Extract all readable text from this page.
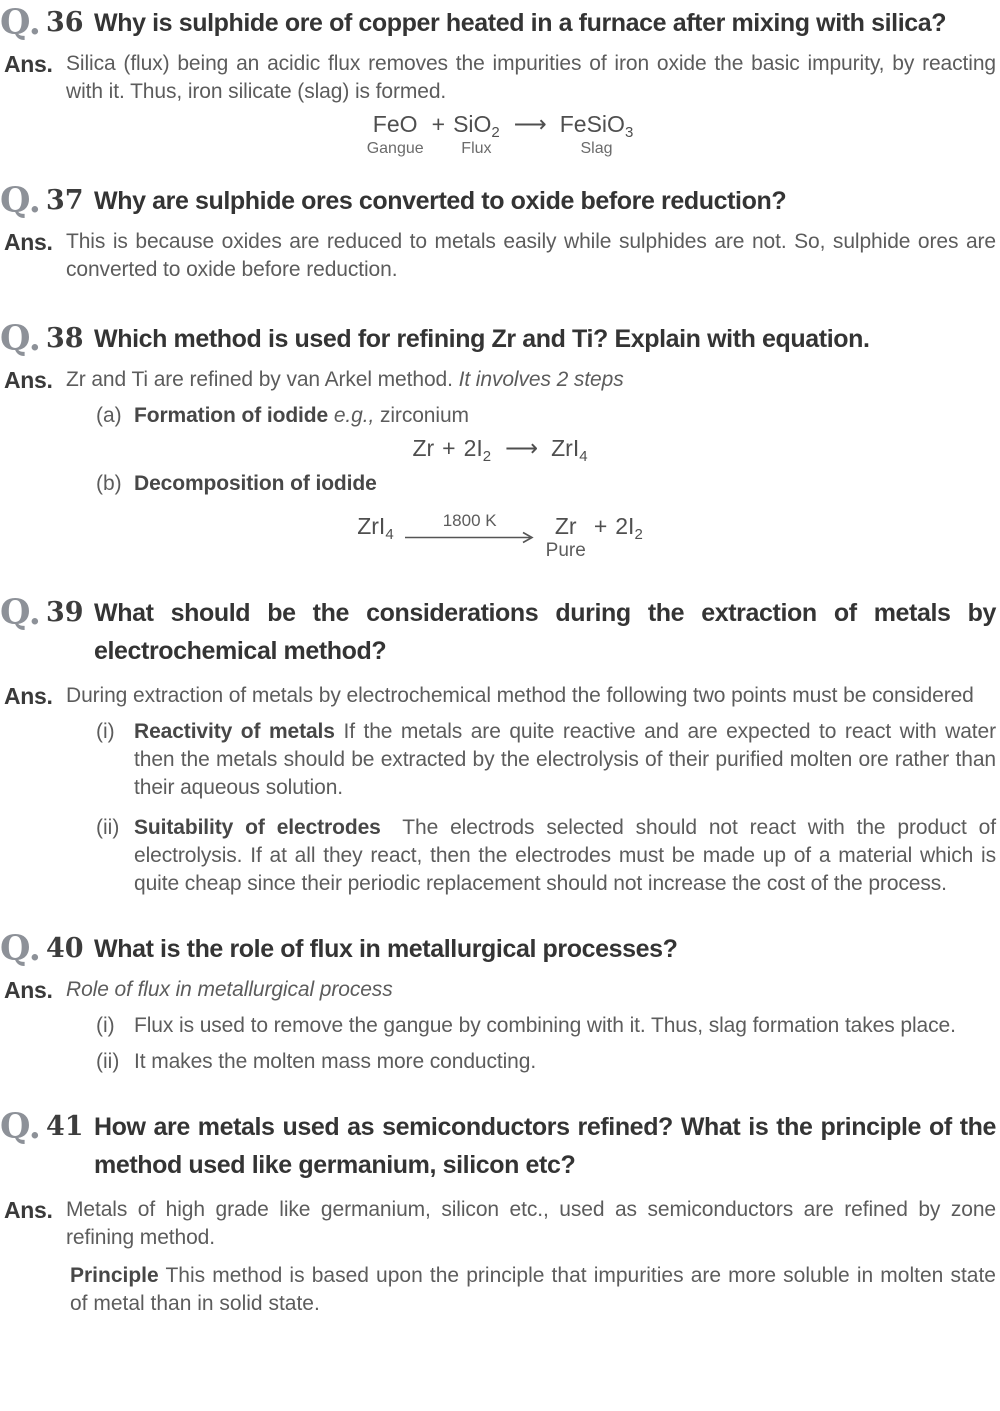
Q. 36 Why is sulphide ore of copper heated in a furnace after mixing with silica?
Ans. Silica (flux) being an acidic flux removes the impurities of iron oxide the basic impurity, by reacting with it. Thus, iron silicate (slag) is formed.
FeO
Gangue
+ SiO$_2$
Flux
⟶ FeSiO$_3$
Slag
Q. 37 Why are sulphide ores converted to oxide before reduction?
Ans. This is because oxides are reduced to metals easily while sulphides are not. So, sulphide ores are converted to oxide before reduction.
Q. 38 Which method is used for refining Zr and Ti? Explain with equation.
Ans. Zr and Ti are refined by van Arkel method. It involves 2 steps
(a) Formation of iodide e.g., zirconium
$Zr + 2I_2$ ⟶ ZrI$_4$
(b) Decomposition of iodide
ZrI$_4$
1800 K	Zr
Pure
+ $2I_2$
Q. 39 What should be the considerations during the extraction of metals by electrochemical method?
Ans. During extraction of metals by electrochemical method the following two points must be considered
(i) Reactivity of metals If the metals are quite reactive and are expected to react with water then the metals should be extracted by the electrolysis of their purified molten ore rather than their aqueous solution.
(ii) Suitability of electrodes The electrods selected should not react with the product of electrolysis. If at all they react, then the electrodes must be made up of a material which is quite cheap since their periodic replacement should not increase the cost of the process.
Q. 40 What is the role of flux in metallurgical processes?
Ans. Role of flux in metallurgical process
(i) Flux is used to remove the gangue by combining with it. Thus, slag formation takes place.
(ii) It makes the molten mass more conducting.
Q. 41 How are metals used as semiconductors refined? What is the principle of the method used like germanium, silicon etc?
Ans. Metals of high grade like germanium, silicon etc., used as semiconductors are refined by zone refining method.
Principle This method is based upon the principle that impurities are more soluble in molten state of metal than in solid state.
